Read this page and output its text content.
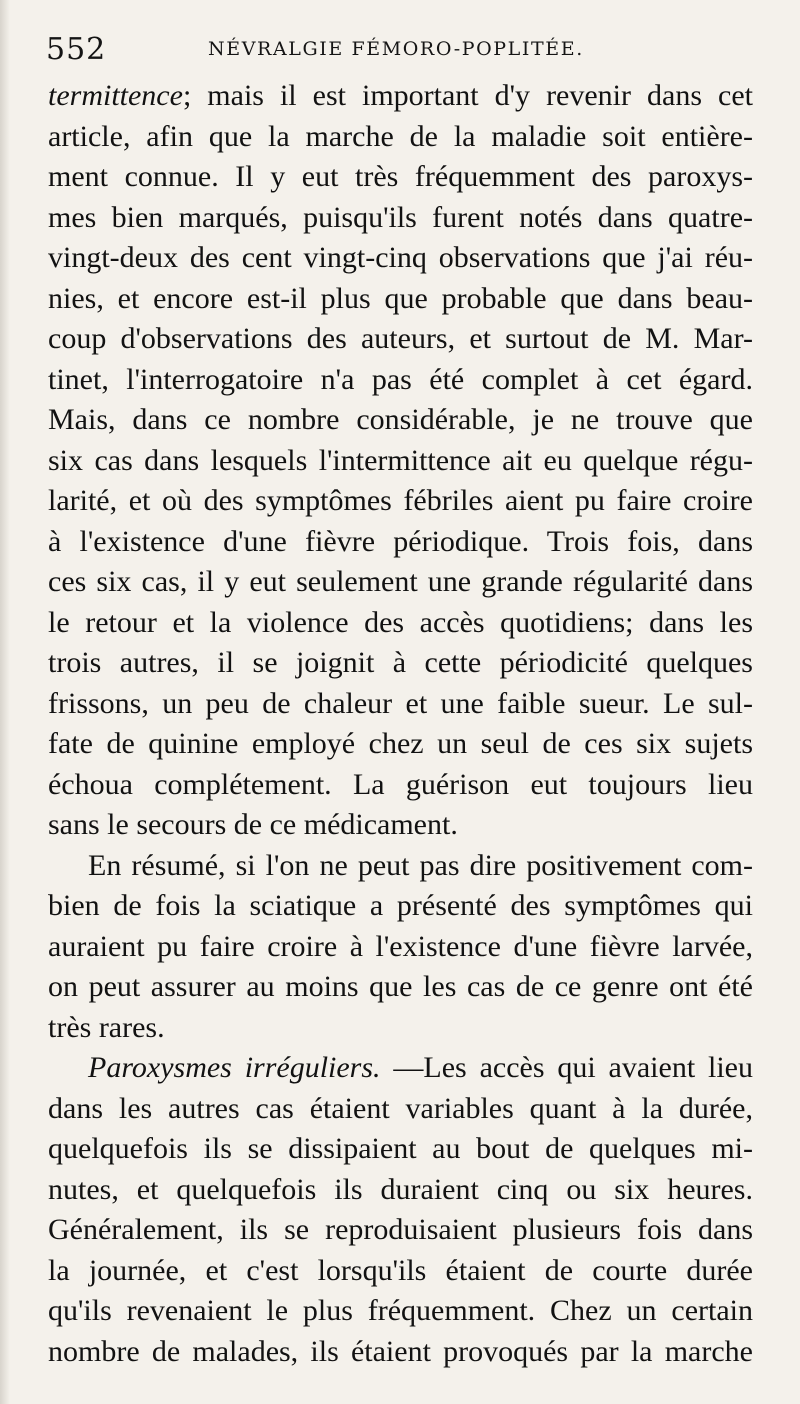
552	NÉVRALGIE FÉMORO-POPLITÉE.
termittence; mais il est important d'y revenir dans cet
article, afin que la marche de la maladie soit entière-
ment connue. Il y eut très fréquemment des paroxys-
mes bien marqués, puisqu'ils furent notés dans quatre-
vingt-deux des cent vingt-cinq observations que j'ai réu-
nies, et encore est-il plus que probable que dans beau-
coup d'observations des auteurs, et surtout de M. Mar-
tinet, l'interrogatoire n'a pas été complet à cet égard.
Mais, dans ce nombre considérable, je ne trouve que
six cas dans lesquels l'intermittence ait eu quelque régu-
larité, et où des symptômes fébriles aient pu faire croire
à l'existence d'une fièvre périodique. Trois fois, dans
ces six cas, il y eut seulement une grande régularité dans
le retour et la violence des accès quotidiens; dans les
trois autres, il se joignit à cette périodicité quelques
frissons, un peu de chaleur et une faible sueur. Le sul-
fate de quinine employé chez un seul de ces six sujets
échoua complétement. La guérison eut toujours lieu
sans le secours de ce médicament.
En résumé, si l'on ne peut pas dire positivement com-
bien de fois la sciatique a présenté des symptômes qui
auraient pu faire croire à l'existence d'une fièvre larvée,
on peut assurer au moins que les cas de ce genre ont été
très rares.
Paroxysmes irréguliers. —Les accès qui avaient lieu
dans les autres cas étaient variables quant à la durée,
quelquefois ils se dissipaient au bout de quelques mi-
nutes, et quelquefois ils duraient cinq ou six heures.
Généralement, ils se reproduisaient plusieurs fois dans
la journée, et c'est lorsqu'ils étaient de courte durée
qu'ils revenaient le plus fréquemment. Chez un certain
nombre de malades, ils étaient provoqués par la marche
